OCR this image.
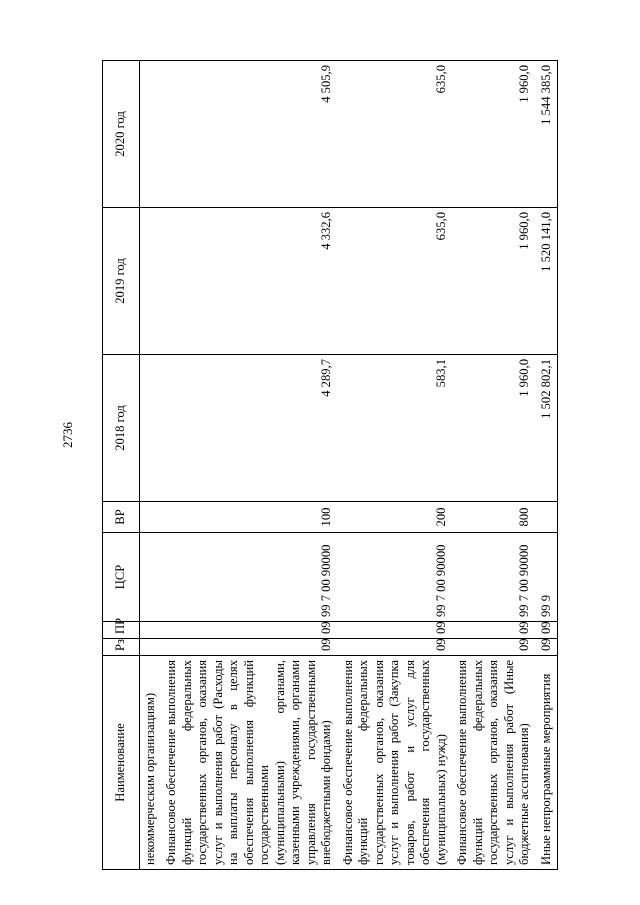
2736
Наименование	Рз	ПР	ЦСР	ВР	2018 год	2019 год	2020 год
некоммерческим организациям)							
Финансовое обеспечение выполнения функций федеральных государственных органов, оказания услуг и выполнения работ (Расходы на выплаты персоналу в целях обеспечения выполнения функций государственными (муниципальными) органами, казенными учреждениями, органами управления государственными внебюджетными фондами)	09	09	99 7 00 90000	100	4 289,7	4 332,6	4 505,9
Финансовое обеспечение выполнения функций федеральных государственных органов, оказания услуг и выполнения работ (Закупка товаров, работ и услуг для обеспечения государственных (муниципальных) нужд)	09	09	99 7 00 90000	200	583,1	635,0	635,0
Финансовое обеспечение выполнения функций федеральных государственных органов, оказания услуг и выполнения работ (Иные бюджетные ассигнования)	09	09	99 7 00 90000	800	1 960,0	1 960,0	1 960,0
Иные непрограммные мероприятия	09	09	99 9		1 502 802,1	1 520 141,0	1 544 385,0
